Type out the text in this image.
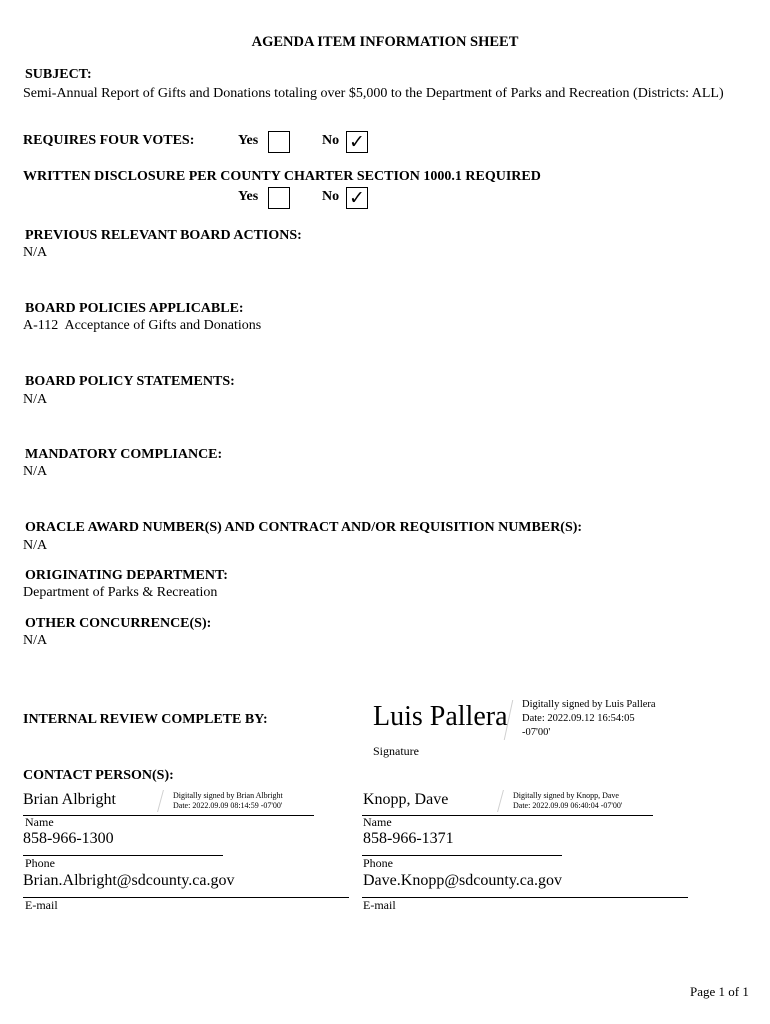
AGENDA ITEM INFORMATION SHEET
SUBJECT:
Semi-Annual Report of Gifts and Donations totaling over $5,000 to the Department of Parks and Recreation (Districts: ALL)
REQUIRES FOUR VOTES:	Yes	No ✓
WRITTEN DISCLOSURE PER COUNTY CHARTER SECTION 1000.1 REQUIRED
Yes	No ✓
PREVIOUS RELEVANT BOARD ACTIONS:
N/A
BOARD POLICIES APPLICABLE:
A-112  Acceptance of Gifts and Donations
BOARD POLICY STATEMENTS:
N/A
MANDATORY COMPLIANCE:
N/A
ORACLE AWARD NUMBER(S) AND CONTRACT AND/OR REQUISITION NUMBER(S):
N/A
ORIGINATING DEPARTMENT:
Department of Parks & Recreation
OTHER CONCURRENCE(S):
N/A
INTERNAL REVIEW COMPLETE BY:	Luis Pallera Digitally signed by Luis Pallera
Date: 2022.09.12 16:54:05
-07'00'
Signature
CONTACT PERSON(S):
Brian Albright	Digitally signed by Brian Albright
Date: 2022.09.09 08:14:59 -07'00'
Name
858-966-1300
Phone
Brian.Albright@sdcounty.ca.gov
E-mail
Knopp, Dave	Digitally signed by Knopp, Dave
Date: 2022.09.09 06:40:04 -07'00'
Name
858-966-1371
Phone
Dave.Knopp@sdcounty.ca.gov
E-mail
Page 1 of 1
